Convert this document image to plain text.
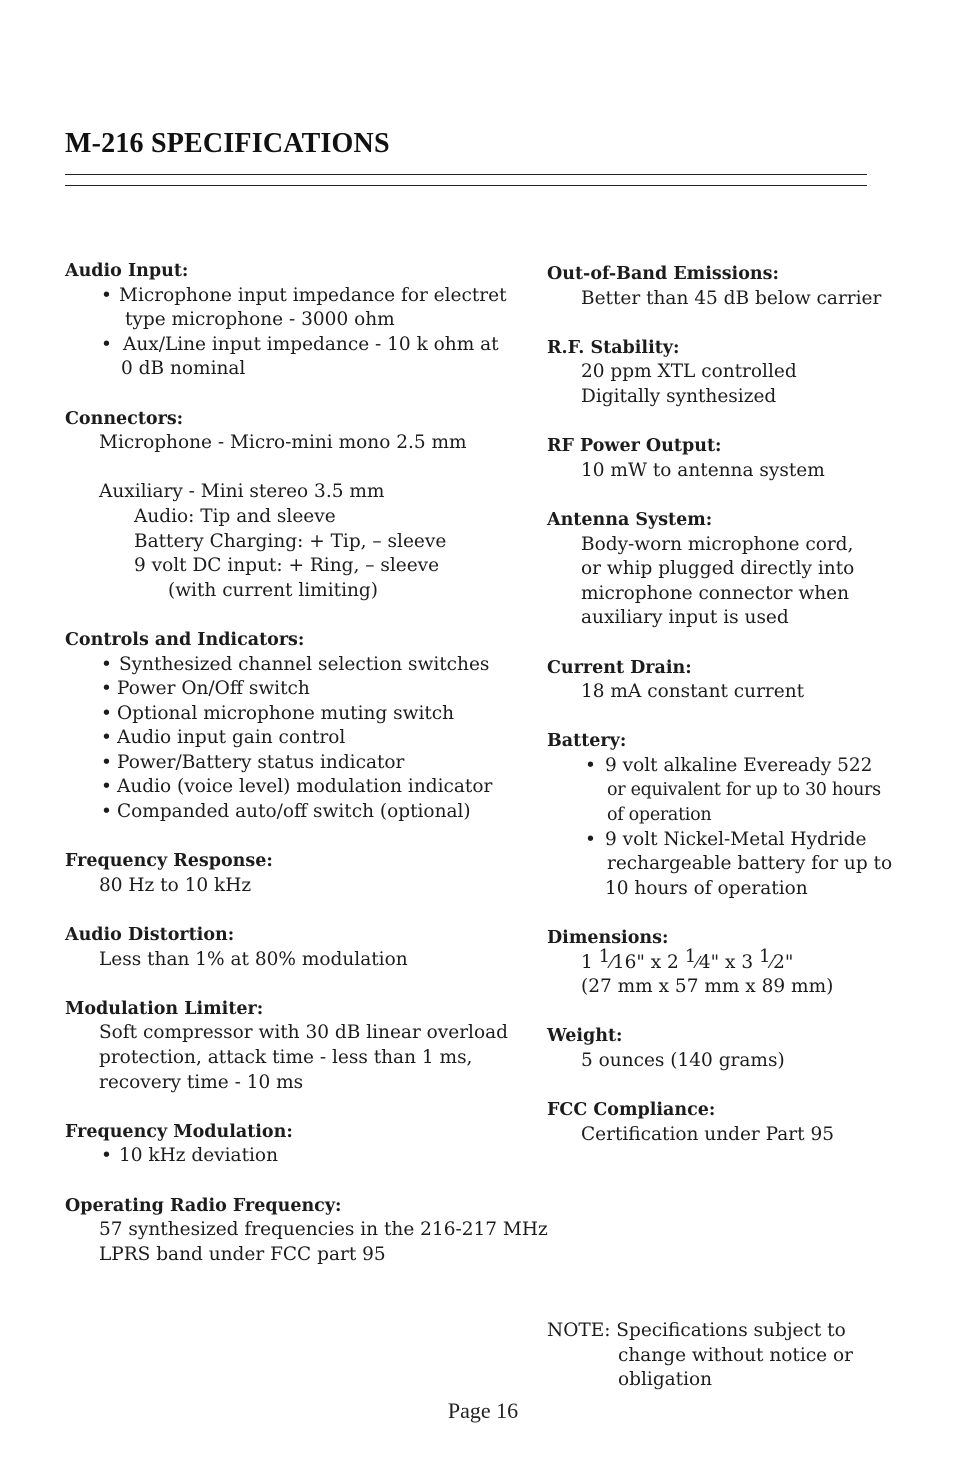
M-216 SPECIFICATIONS
Audio Input:
• Microphone input impedance for electret
type microphone - 3000 ohm
• Aux/Line input impedance - 10 k ohm at
0 dB nominal
Connectors:
Microphone - Micro-mini mono 2.5 mm
Auxiliary - Mini stereo 3.5 mm
Audio: Tip and sleeve
Battery Charging: + Tip, – sleeve
9 volt DC input: + Ring, – sleeve
(with current limiting)
Controls and Indicators:
• Synthesized channel selection switches
• Power On/Off switch
• Optional microphone muting switch
• Audio input gain control
• Power/Battery status indicator
• Audio (voice level) modulation indicator
• Companded auto/off switch (optional)
Frequency Response:
80 Hz to 10 kHz
Audio Distortion:
Less than 1% at 80% modulation
Modulation Limiter:
Soft compressor with 30 dB linear overload
protection, attack time - less than 1 ms,
recovery time - 10 ms
Frequency Modulation:
• 10 kHz deviation
Operating Radio Frequency:
57 synthesized frequencies in the 216-217 MHz
LPRS band under FCC part 95
Out-of-Band Emissions:
Better than 45 dB below carrier
R.F. Stability:
20 ppm XTL controlled
Digitally synthesized
RF Power Output:
10 mW to antenna system
Antenna System:
Body-worn microphone cord,
or whip plugged directly into
microphone connector when
auxiliary input is used
Current Drain:
18 mA constant current
Battery:
• 9 volt alkaline Eveready 522
or equivalent for up to 30 hours
of operation
• 9 volt Nickel-Metal Hydride
rechargeable battery for up to
10 hours of operation
Dimensions:
1 $^1$⁄16" x 2 $^1$⁄4" x 3 $^1$⁄2"
(27 mm x 57 mm x 89 mm)
Weight:
5 ounces (140 grams)
FCC Compliance:
Certification under Part 95
NOTE: Specifications subject to
change without notice or
obligation
Page 16
